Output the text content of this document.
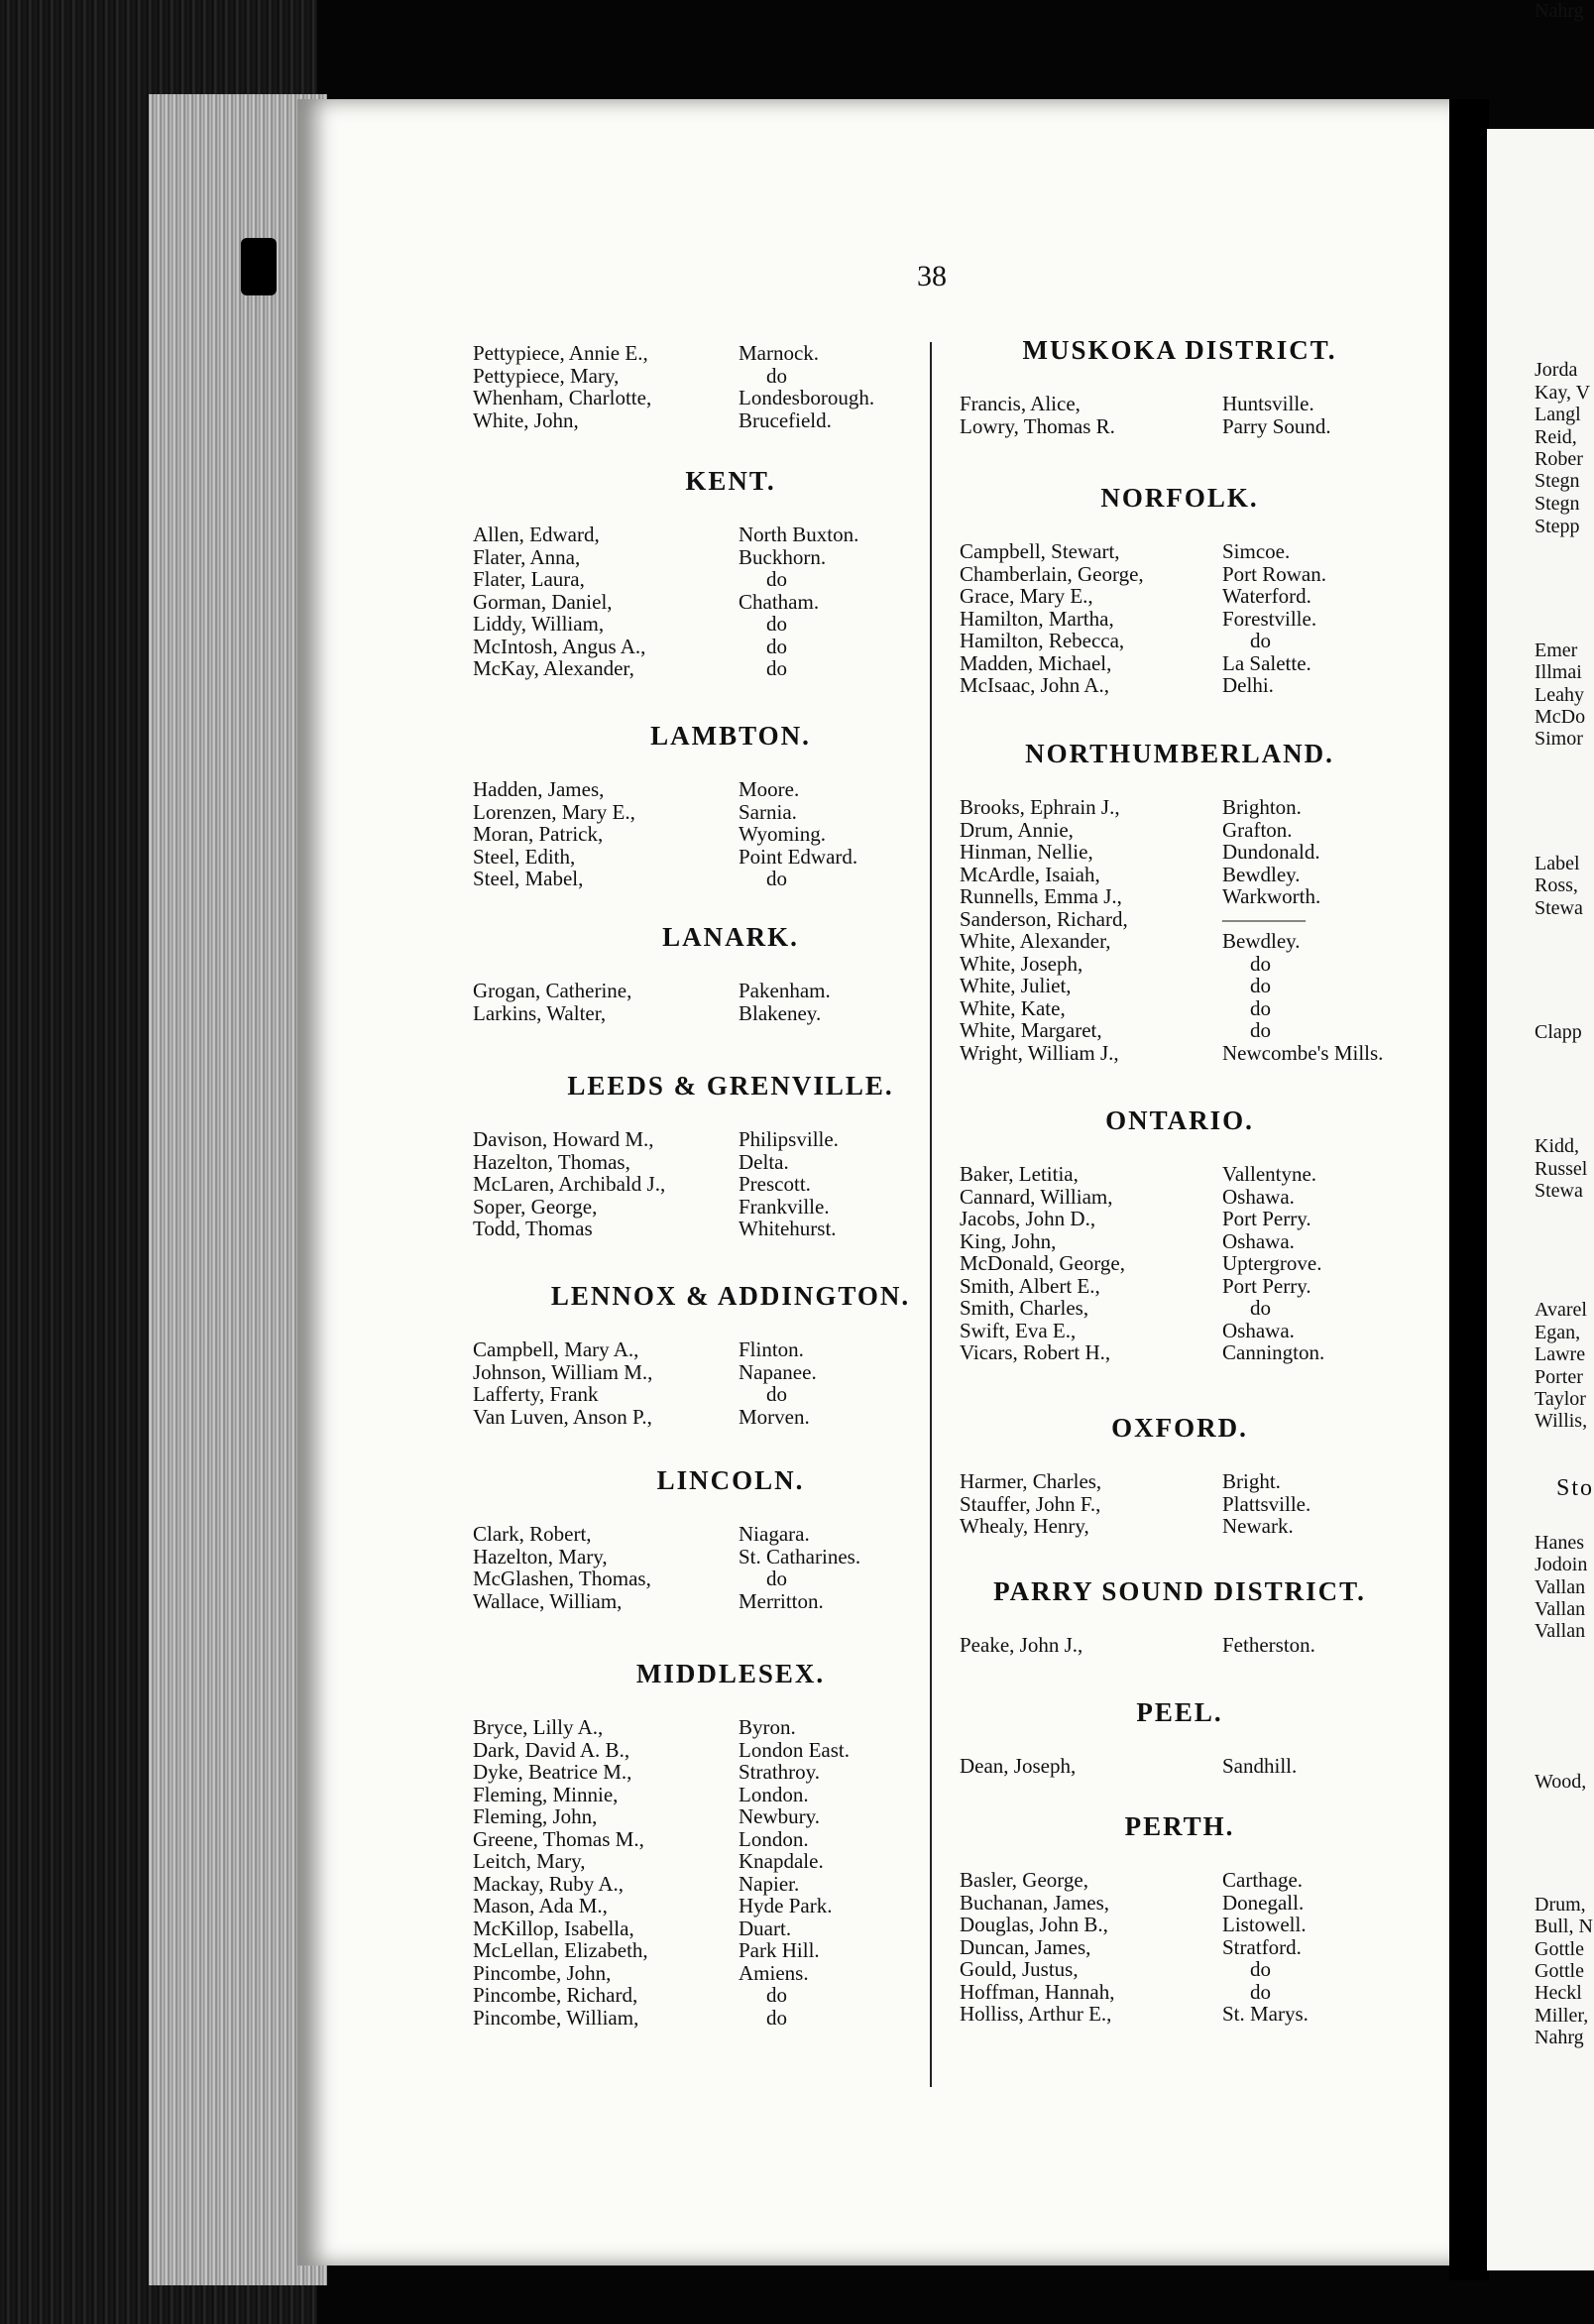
38
Pettypiece, Annie E.,	Marnock.
Pettypiece, Mary,	do
Whenham, Charlotte,	Londesborough.
White, John,	Brucefield.
KENT.
Allen, Edward,	North Buxton.
Flater, Anna,	Buckhorn.
Flater, Laura,	do
Gorman, Daniel,	Chatham.
Liddy, William,	do
McIntosh, Angus A.,	do
McKay, Alexander,	do
LAMBTON.
Hadden, James,	Moore.
Lorenzen, Mary E.,	Sarnia.
Moran, Patrick,	Wyoming.
Steel, Edith,	Point Edward.
Steel, Mabel,	do
LANARK.
Grogan, Catherine,	Pakenham.
Larkins, Walter,	Blakeney.
LEEDS & GRENVILLE.
Davison, Howard M.,	Philipsville.
Hazelton, Thomas,	Delta.
McLaren, Archibald J.,	Prescott.
Soper, George,	Frankville.
Todd, Thomas	Whitehurst.
LENNOX & ADDINGTON.
Campbell, Mary A.,	Flinton.
Johnson, William M.,	Napanee.
Lafferty, Frank	do
Van Luven, Anson P.,	Morven.
LINCOLN.
Clark, Robert,	Niagara.
Hazelton, Mary,	St. Catharines.
McGlashen, Thomas,	do
Wallace, William,	Merritton.
MIDDLESEX.
Bryce, Lilly A.,	Byron.
Dark, David A. B.,	London East.
Dyke, Beatrice M.,	Strathroy.
Fleming, Minnie,	London.
Fleming, John,	Newbury.
Greene, Thomas M.,	London.
Leitch, Mary,	Knapdale.
Mackay, Ruby A.,	Napier.
Mason, Ada M.,	Hyde Park.
McKillop, Isabella,	Duart.
McLellan, Elizabeth,	Park Hill.
Pincombe, John,	Amiens.
Pincombe, Richard,	do
Pincombe, William,	do
MUSKOKA DISTRICT.
Francis, Alice,	Huntsville.
Lowry, Thomas R.	Parry Sound.
NORFOLK.
Campbell, Stewart,	Simcoe.
Chamberlain, George,	Port Rowan.
Grace, Mary E.,	Waterford.
Hamilton, Martha,	Forestville.
Hamilton, Rebecca,	do
Madden, Michael,	La Salette.
McIsaac, John A.,	Delhi.
NORTHUMBERLAND.
Brooks, Ephrain J.,	Brighton.
Drum, Annie,	Grafton.
Hinman, Nellie,	Dundonald.
McArdle, Isaiah,	Bewdley.
Runnells, Emma J.,	Warkworth.
Sanderson, Richard,	————
White, Alexander,	Bewdley.
White, Joseph,	do
White, Juliet,	do
White, Kate,	do
White, Margaret,	do
Wright, William J.,	Newcombe's Mills.
ONTARIO.
Baker, Letitia,	Vallentyne.
Cannard, William,	Oshawa.
Jacobs, John D.,	Port Perry.
King, John,	Oshawa.
McDonald, George,	Uptergrove.
Smith, Albert E.,	Port Perry.
Smith, Charles,	do
Swift, Eva E.,	Oshawa.
Vicars, Robert H.,	Cannington.
OXFORD.
Harmer, Charles,	Bright.
Stauffer, John F.,	Plattsville.
Whealy, Henry,	Newark.
PARRY SOUND DISTRICT.
Peake, John J.,	Fetherston.
PEEL.
Dean, Joseph,	Sandhill.
PERTH.
Basler, George,	Carthage.
Buchanan, James,	Donegall.
Douglas, John B.,	Listowell.
Duncan, James,	Stratford.
Gould, Justus,	do
Hoffman, Hannah,	do
Holliss, Arthur E.,	St. Marys.
Jorda
Kay, V
Langl
Reid,
Rober
Stegn
Stegn
Stepp
Emer
Illmai
Leahy
McDo
Simor
Label
Ross,
Stewa
Clapp
Kidd,
Russel
Stewa
Avarel
Egan,
Lawre
Porter
Taylor
Willis,
Sto
Hanes
Jodoin
Vallan
Vallan
Vallan
Wood,
Drum,
Bull, N
Gottle
Gottle
Heckl
Miller,
Nahrg
Nahrg
